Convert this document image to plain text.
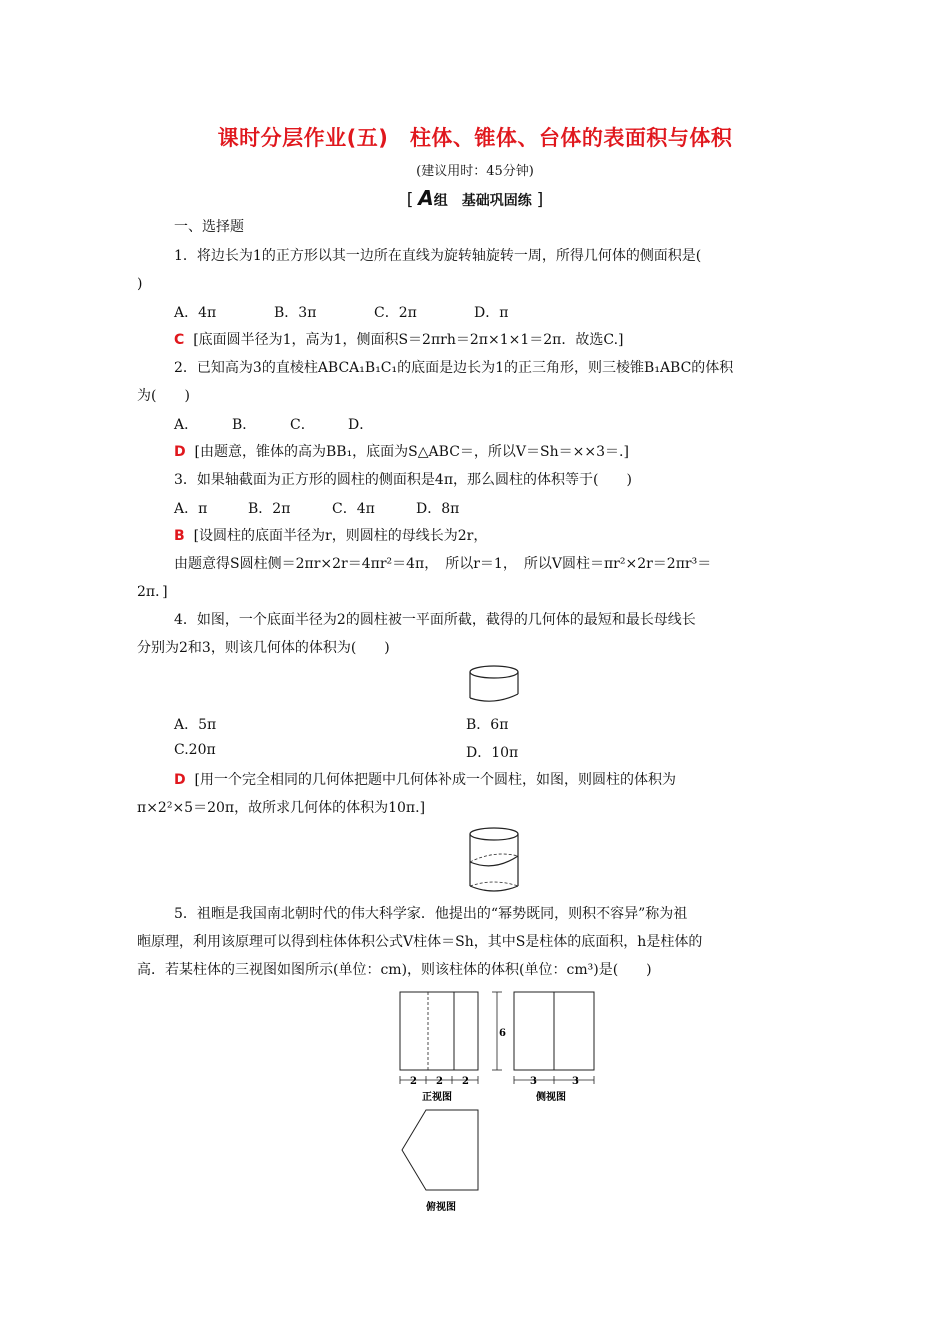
课时分层作业(五)　柱体、锥体、台体的表面积与体积
(建议用时：45分钟)
[ A组　基础巩固练 ]
一、选择题
1．将边长为1的正方形以其一边所在直线为旋转轴旋转一周，所得几何体的侧面积是(
)
A．4π	B．3π	C．2π	D．π
C [底面圆半径为1，高为1，侧面积S＝2πrh＝2π×1×1＝2π．故选C.]
2．已知高为3的直棱柱ABCA₁B₁C₁的底面是边长为1的正三角形，则三棱锥B₁ABC的体积
为(　　)
A． B． C． D．
D [由题意，锥体的高为BB₁，底面为S△ABC＝，所以V＝Sh＝××3＝.]
3．如果轴截面为正方形的圆柱的侧面积是4π，那么圆柱的体积等于(　　)
A．π	B．2π	C．4π	D．8π
B [设圆柱的底面半径为r，则圆柱的母线长为2r，
由题意得S圆柱侧＝2πr×2r＝4πr²＝4π，　所以r＝1，　所以V圆柱＝πr²×2r＝2πr³＝
2π．]
4．如图，一个底面半径为2的圆柱被一平面所截，截得的几何体的最短和最长母线长
分别为2和3，则该几何体的体积为(　　)
A．5π	B．6π
C.20π	D．10π
D [用一个完全相同的几何体把题中几何体补成一个圆柱，如图，则圆柱的体积为
π×2²×5＝20π，故所求几何体的体积为10π.]
5．祖暅是我国南北朝时代的伟大科学家．他提出的“幂势既同，则积不容异”称为祖
暅原理，利用该原理可以得到柱体体积公式V柱体＝Sh，其中S是柱体的底面积，h是柱体的
高．若某柱体的三视图如图所示(单位：cm)，则该柱体的体积(单位：cm³)是(　　)
2 2 2
正视图
6
3	3
侧视图
俯视图
